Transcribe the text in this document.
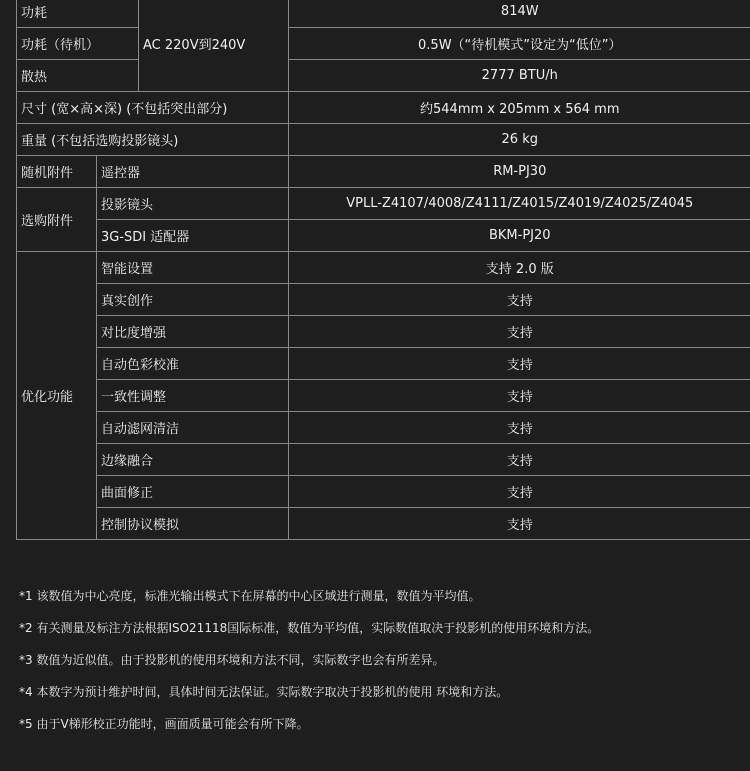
功耗		AC 220V到240V	814W
功耗（待机）			0.5W（“待机模式”设定为“低位”）
散热			2777 BTU/h
尺寸 (宽×高×深) (不包括突出部分)			约544mm x 205mm x 564 mm
重量 (不包括选购投影镜头)			26 kg
随机附件	遥控器		RM-PJ30
选购附件	投影镜头		VPLL-Z4107/4008/Z4111/Z4015/Z4019/Z4025/Z4045
	3G-SDI 适配器		BKM-PJ20
优化功能	智能设置		支持 2.0 版
	真实创作		支持
	对比度增强		支持
	自动色彩校准		支持
	一致性调整		支持
	自动滤网清洁		支持
	边缘融合		支持
	曲面修正		支持
	控制协议模拟		支持
*1 该数值为中心亮度，标准光输出模式下在屏幕的中心区域进行测量，数值为平均值。
*2 有关测量及标注方法根据ISO21118国际标准，数值为平均值，实际数值取决于投影机的使用环境和方法。
*3 数值为近似值。由于投影机的使用环境和方法不同，实际数字也会有所差异。
*4 本数字为预计维护时间，具体时间无法保证。实际数字取决于投影机的使用 环境和方法。
*5 由于V梯形校正功能时，画面质量可能会有所下降。
